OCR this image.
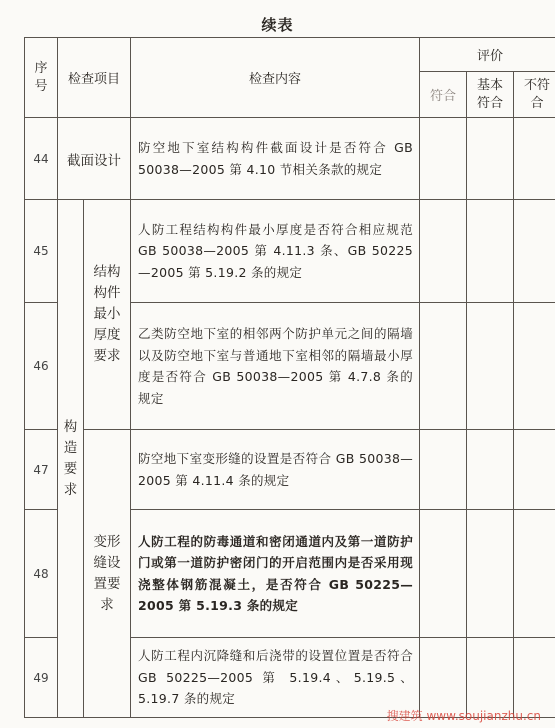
续表
序号	检查项目		检查内容	评价		
				符合	基本符合	不符合

44	截面设计		防空地下室结构构件截面设计是否符合 GB 50038—2005 第 4.10 节相关条款的规定			
45	构造要求	结构构件最小厚度要求	人防工程结构构件最小厚度是否符合相应规范 GB 50038—2005 第 4.11.3 条、GB 50225—2005 第 5.19.2 条的规定			
46			乙类防空地下室的相邻两个防护单元之间的隔墙以及防空地下室与普通地下室相邻的隔墙最小厚度是否符合 GB 50038—2005 第 4.7.8 条的规定			
47		变形缝设置要求	防空地下室变形缝的设置是否符合 GB 50038—2005 第 4.11.4 条的规定			
48			人防工程的防毒通道和密闭通道内及第一道防护门或第一道防护密闭门的开启范围内是否采用现浇整体钢筋混凝土，是否符合 GB 50225—2005 第 5.19.3 条的规定			
49			人防工程内沉降缝和后浇带的设置位置是否符合 GB 50225—2005 第 5.19.4、5.19.5、5.19.7 条的规定			
搜建筑 www.soujianzhu.cn
